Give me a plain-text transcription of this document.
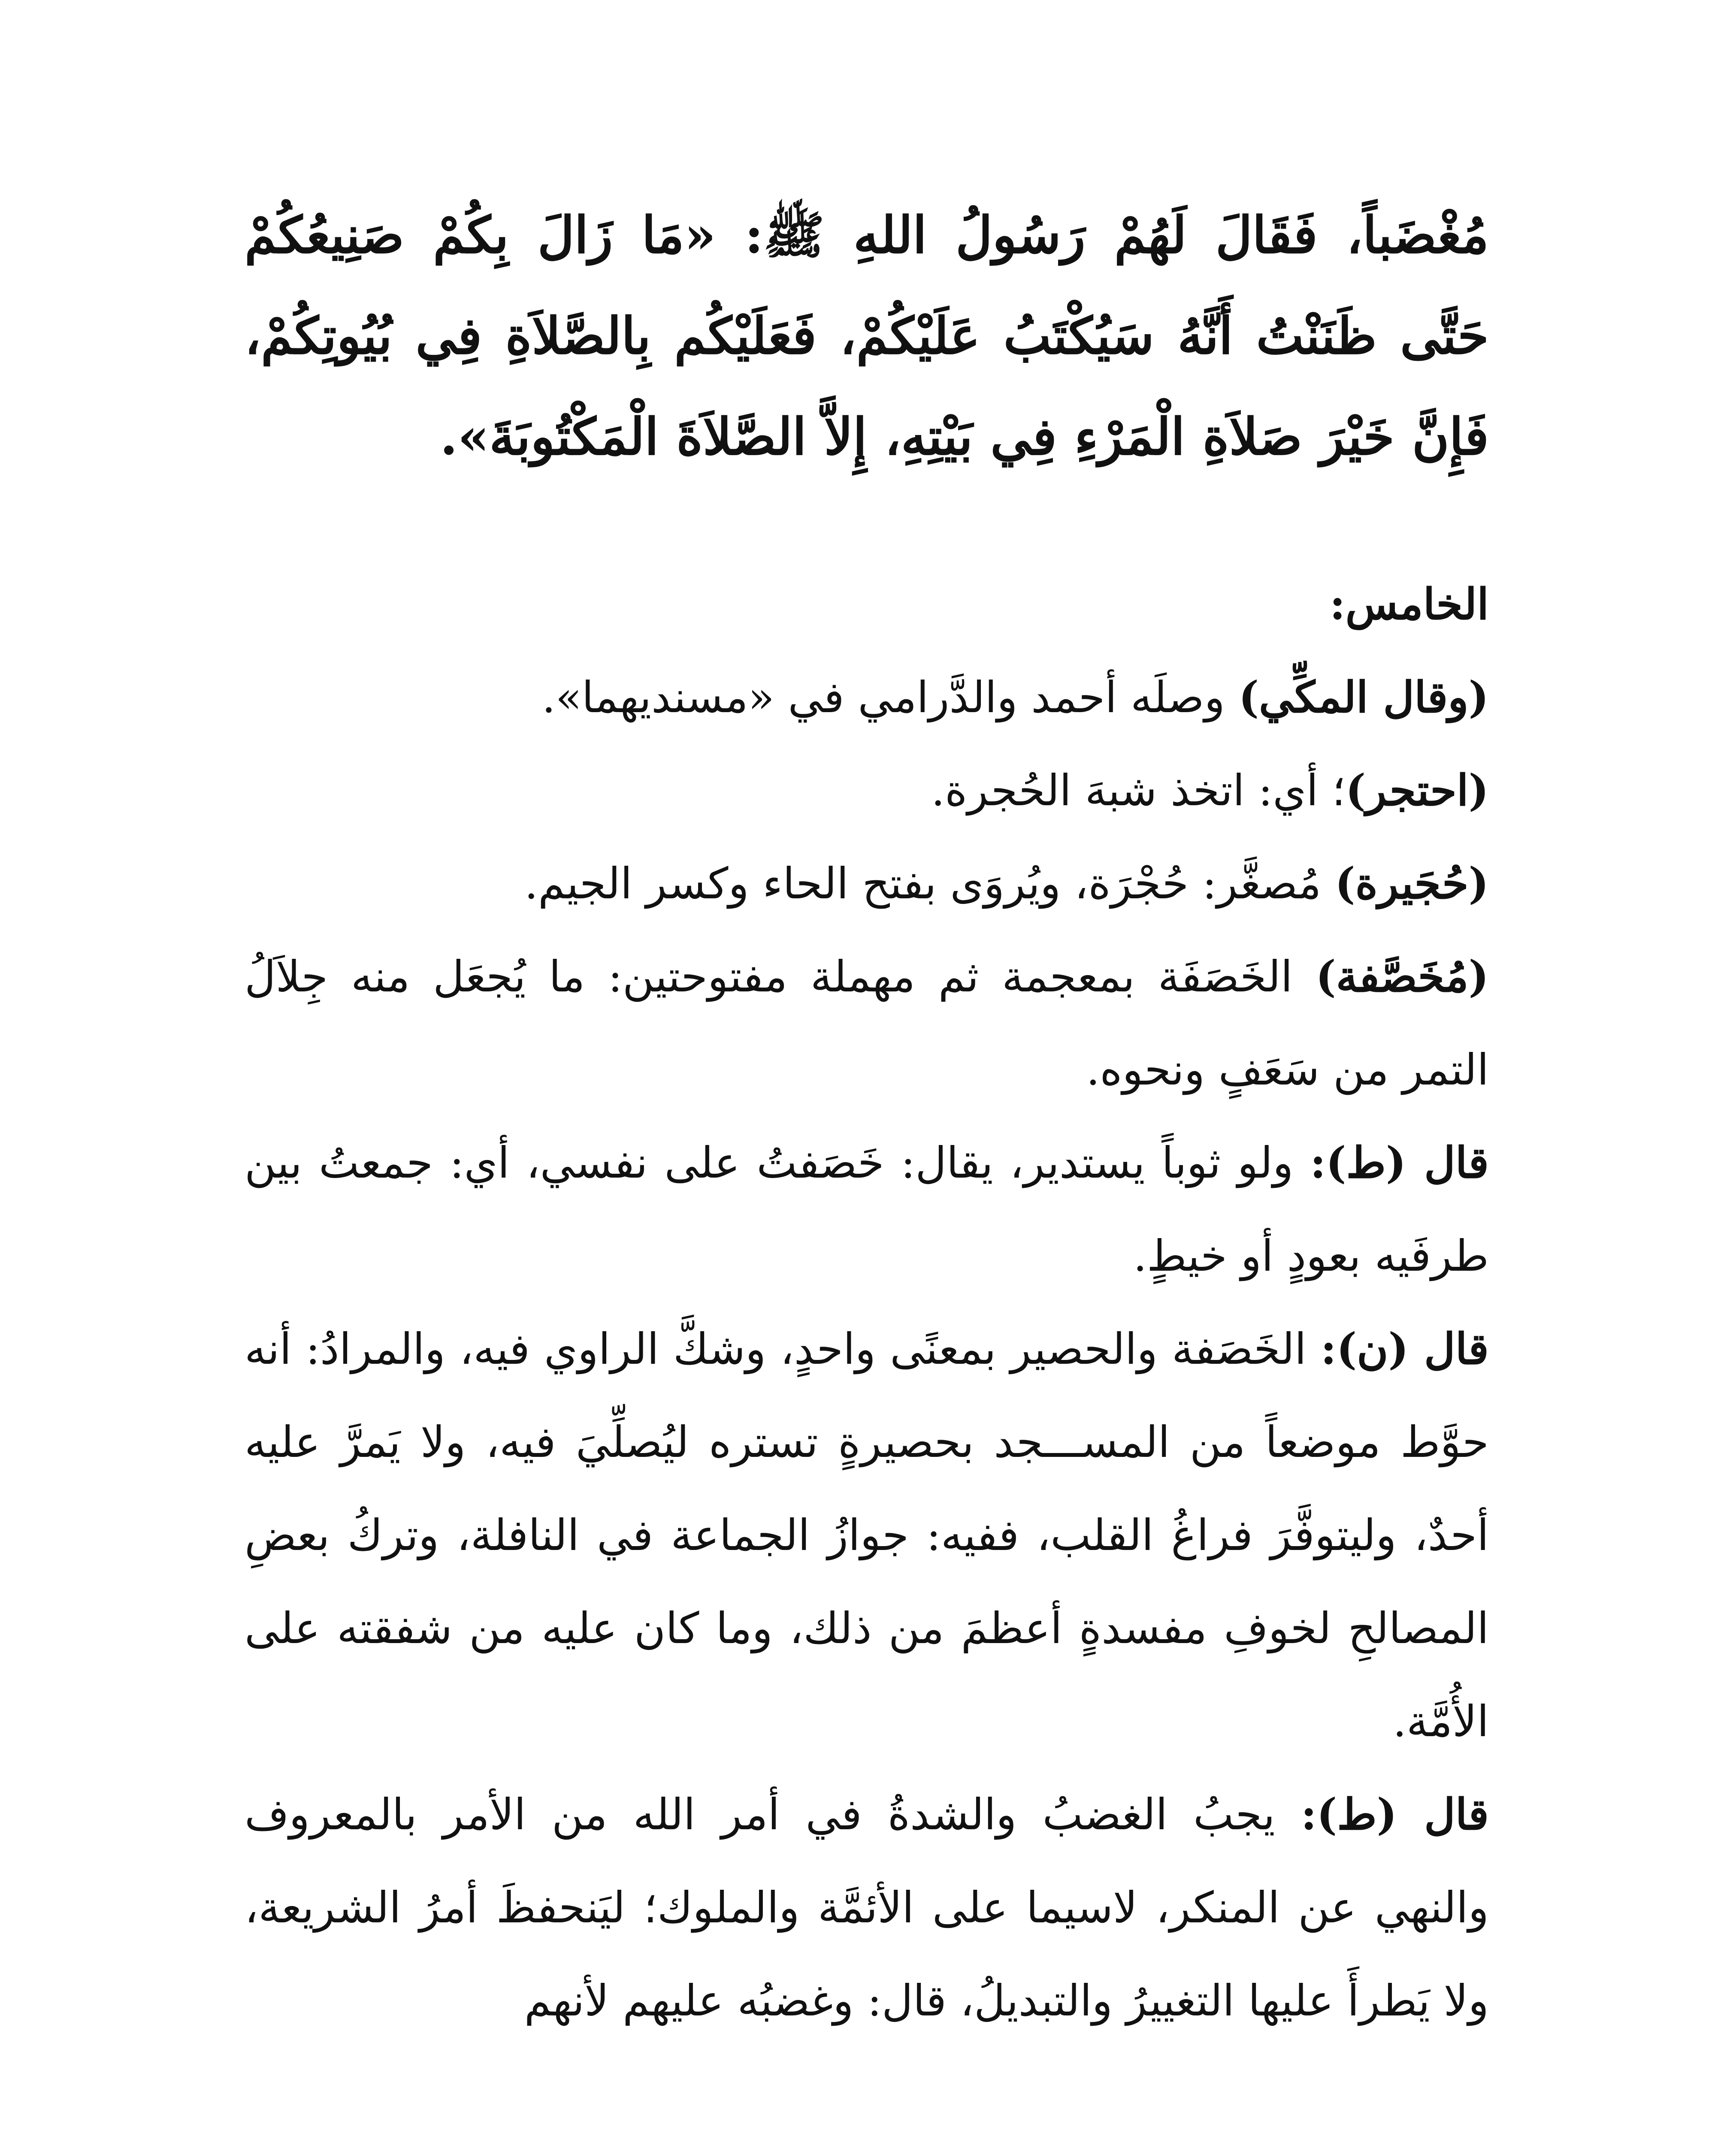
مُغْضَباً، فَقَالَ لَهُمْ رَسُولُ اللهِ ﷺ: «مَا زَالَ بِكُمْ صَنِيعُكُمْ حَتَّى ظَنَنْتُ أَنَّهُ سَيُكْتَبُ عَلَيْكُمْ، فَعَلَيْكُم بِالصَّلاَةِ فِي بُيُوتِكُمْ، فَإِنَّ خَيْرَ صَلاَةِ الْمَرْءِ فِي بَيْتِهِ، إِلاَّ الصَّلاَةَ الْمَكْتُوبَةَ».

الخامس:

(وقال المكِّي) وصلَه أحمد والدَّرامي في «مسنديهما».

(احتجر)؛ أي: اتخذ شبهَ الحُجرة.

(حُجَيرة) مُصغَّر: حُجْرَة، ويُروَى بفتح الحاء وكسر الجيم.

(مُخَصَّفة) الخَصَفَة بمعجمة ثم مهملة مفتوحتين: ما يُجعَل منه جِلاَلُ التمر من سَعَفٍ ونحوه.

قال (ط): ولو ثوباً يستدير، يقال: خَصَفتُ على نفسي، أي: جمعتُ بين طرفَيه بعودٍ أو خيطٍ.

قال (ن): الخَصَفة والحصير بمعنًى واحدٍ، وشكَّ الراوي فيه، والمرادُ: أنه حوَّط موضعاً من المســـجد بحصيرةٍ تستره ليُصلِّيَ فيه، ولا يَمرَّ عليه أحدٌ، وليتوفَّرَ فراغُ القلب، ففيه: جوازُ الجماعة في النافلة، وتركُ بعضِ المصالحِ لخوفِ مفسدةٍ أعظمَ من ذلك، وما كان عليه من شفقته على الأُمَّة.

قال (ط): يجبُ الغضبُ والشدةُ في أمر الله من الأمر بالمعروف والنهي عن المنكر، لاسيما على الأئمَّة والملوك؛ ليَنحفظَ أمرُ الشريعة، ولا يَطرأَ عليها التغييرُ والتبديلُ، قال: وغضبُه عليهم لأنهم
